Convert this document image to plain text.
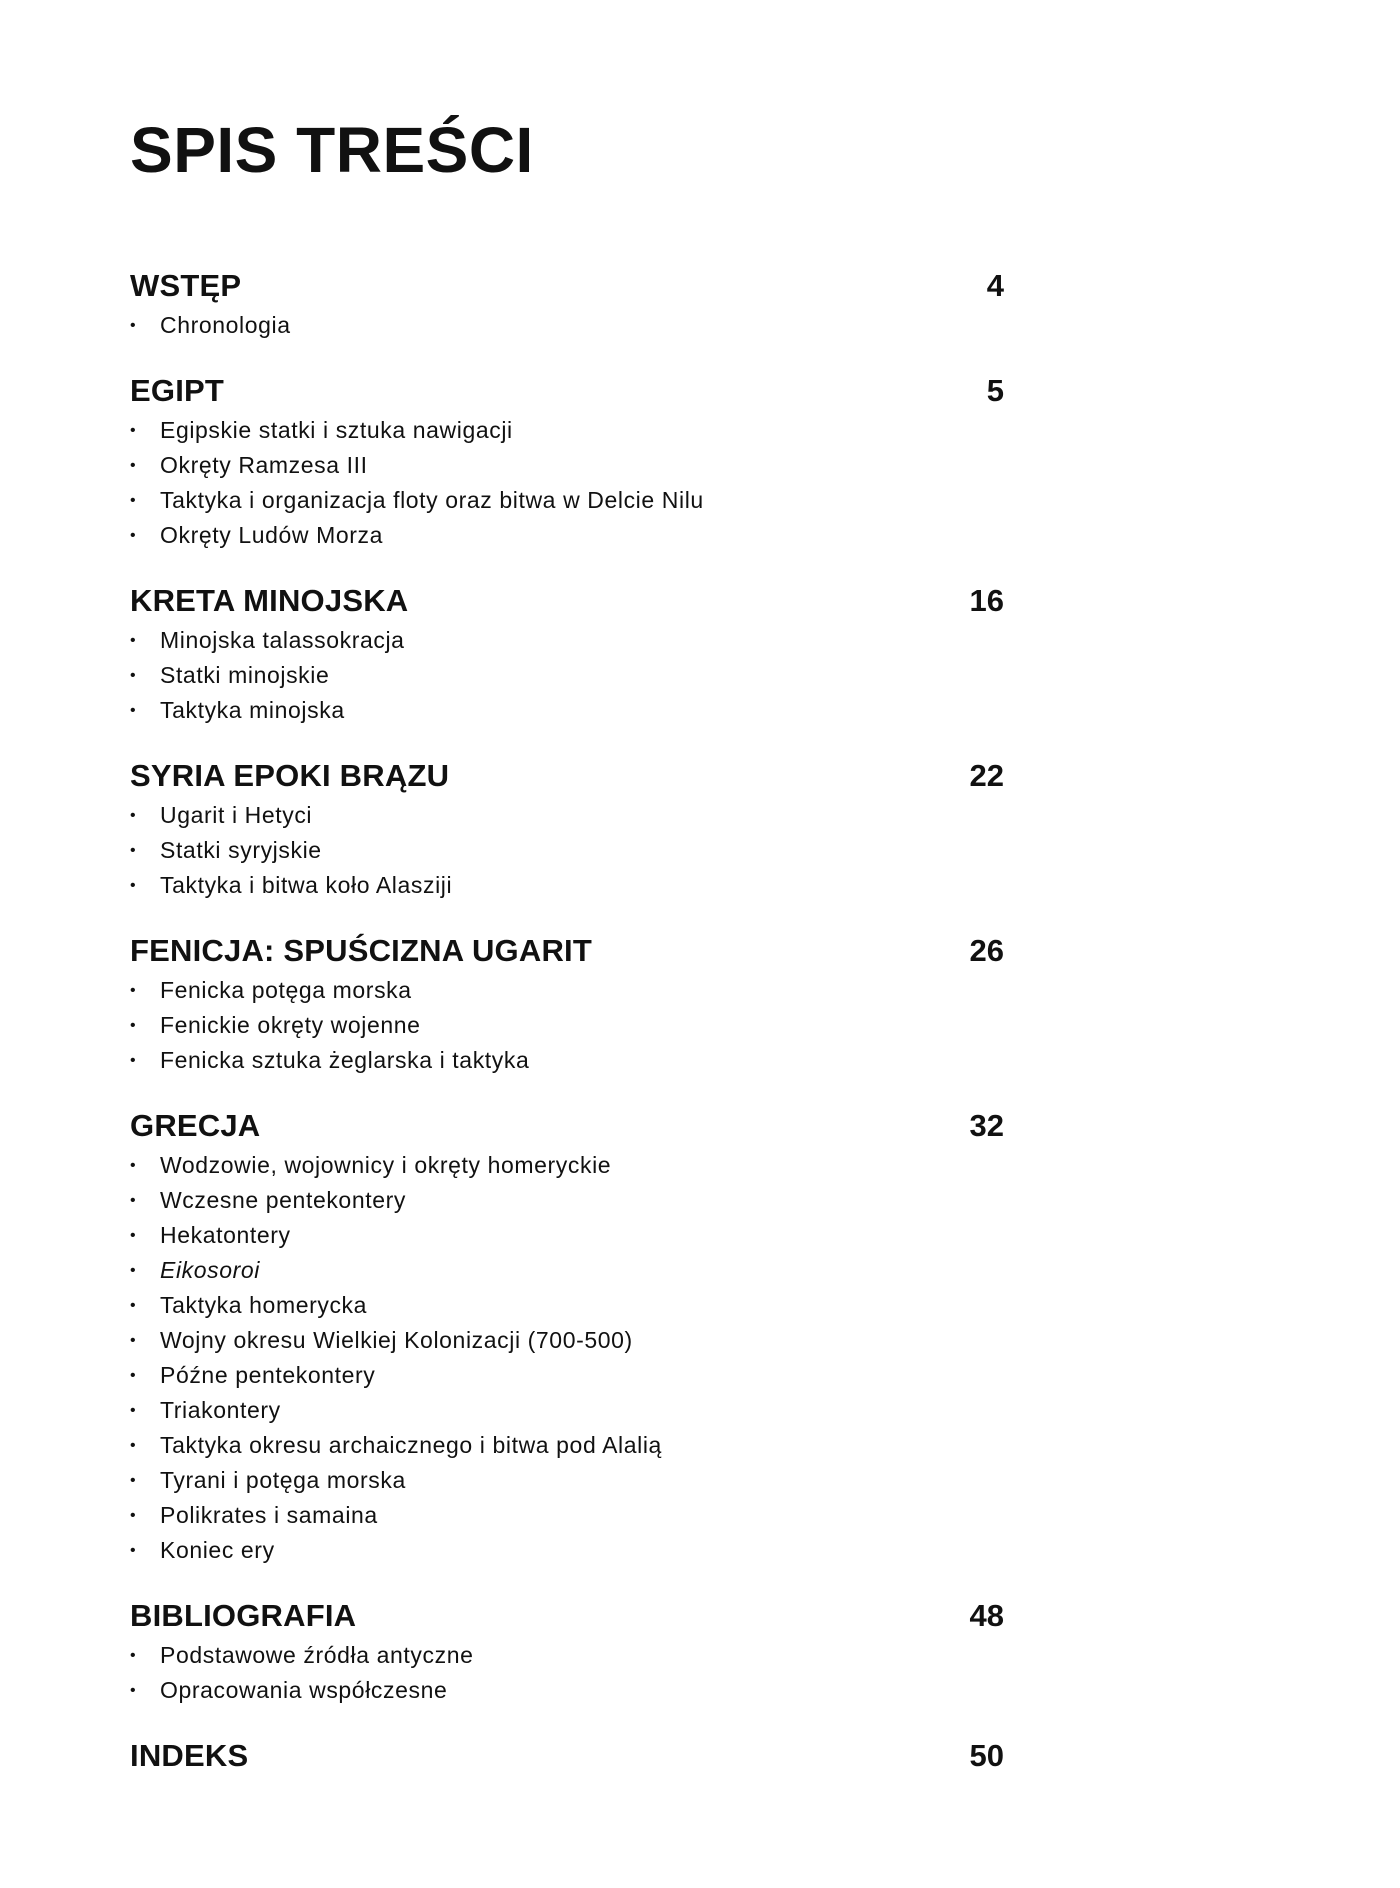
SPIS TREŚCI
WSTĘP	4
•	Chronologia
EGIPT	5
•	Egipskie statki i sztuka nawigacji
•	Okręty Ramzesa III
•	Taktyka i organizacja floty oraz bitwa w Delcie Nilu
•	Okręty Ludów Morza
KRETA MINOJSKA	16
•	Minojska talassokracja
•	Statki minojskie
•	Taktyka minojska
SYRIA EPOKI BRĄZU	22
•	Ugarit i Hetyci
•	Statki syryjskie
•	Taktyka i bitwa koło Alasziji
FENICJA: SPUŚCIZNA UGARIT	26
•	Fenicka potęga morska
•	Fenickie okręty wojenne
•	Fenicka sztuka żeglarska i taktyka
GRECJA	32
•	Wodzowie, wojownicy i okręty homeryckie
•	Wczesne pentekontery
•	Hekatontery
•	Eikosoroi
•	Taktyka homerycka
•	Wojny okresu Wielkiej Kolonizacji (700-500)
•	Późne pentekontery
•	Triakontery
•	Taktyka okresu archaicznego i bitwa pod Alalią
•	Tyrani i potęga morska
•	Polikrates i samaina
•	Koniec ery
BIBLIOGRAFIA	48
•	Podstawowe źródła antyczne
•	Opracowania współczesne
INDEKS	50
